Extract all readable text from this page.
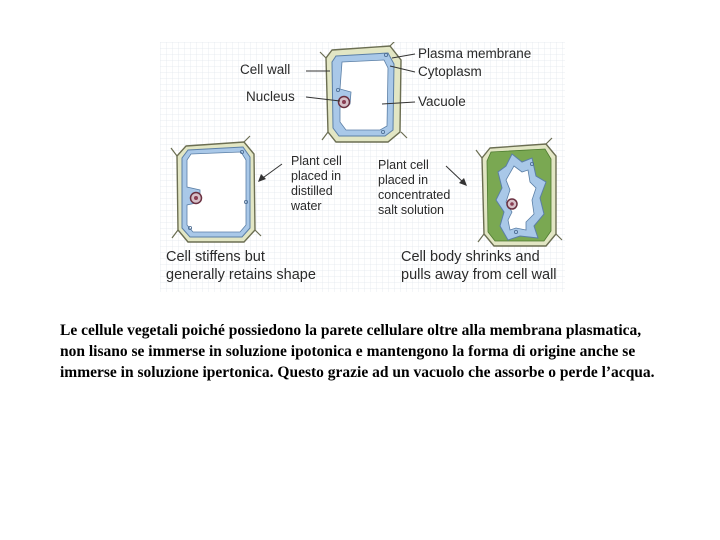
Cell wall
Nucleus
Plasma membrane
Cytoplasm
Vacuole
Plant cell
placed in
distilled
water
Plant cell
placed in
concentrated
salt solution
Cell stiffens but
generally retains shape
Cell body shrinks and
pulls away from cell wall
Le cellule vegetali poiché possiedono la parete cellulare oltre alla membrana plasmatica, non lisano se immerse in soluzione ipotonica e mantengono la forma di origine anche se immerse in soluzione ipertonica. Questo grazie ad un vacuolo che assorbe o perde l’acqua.
